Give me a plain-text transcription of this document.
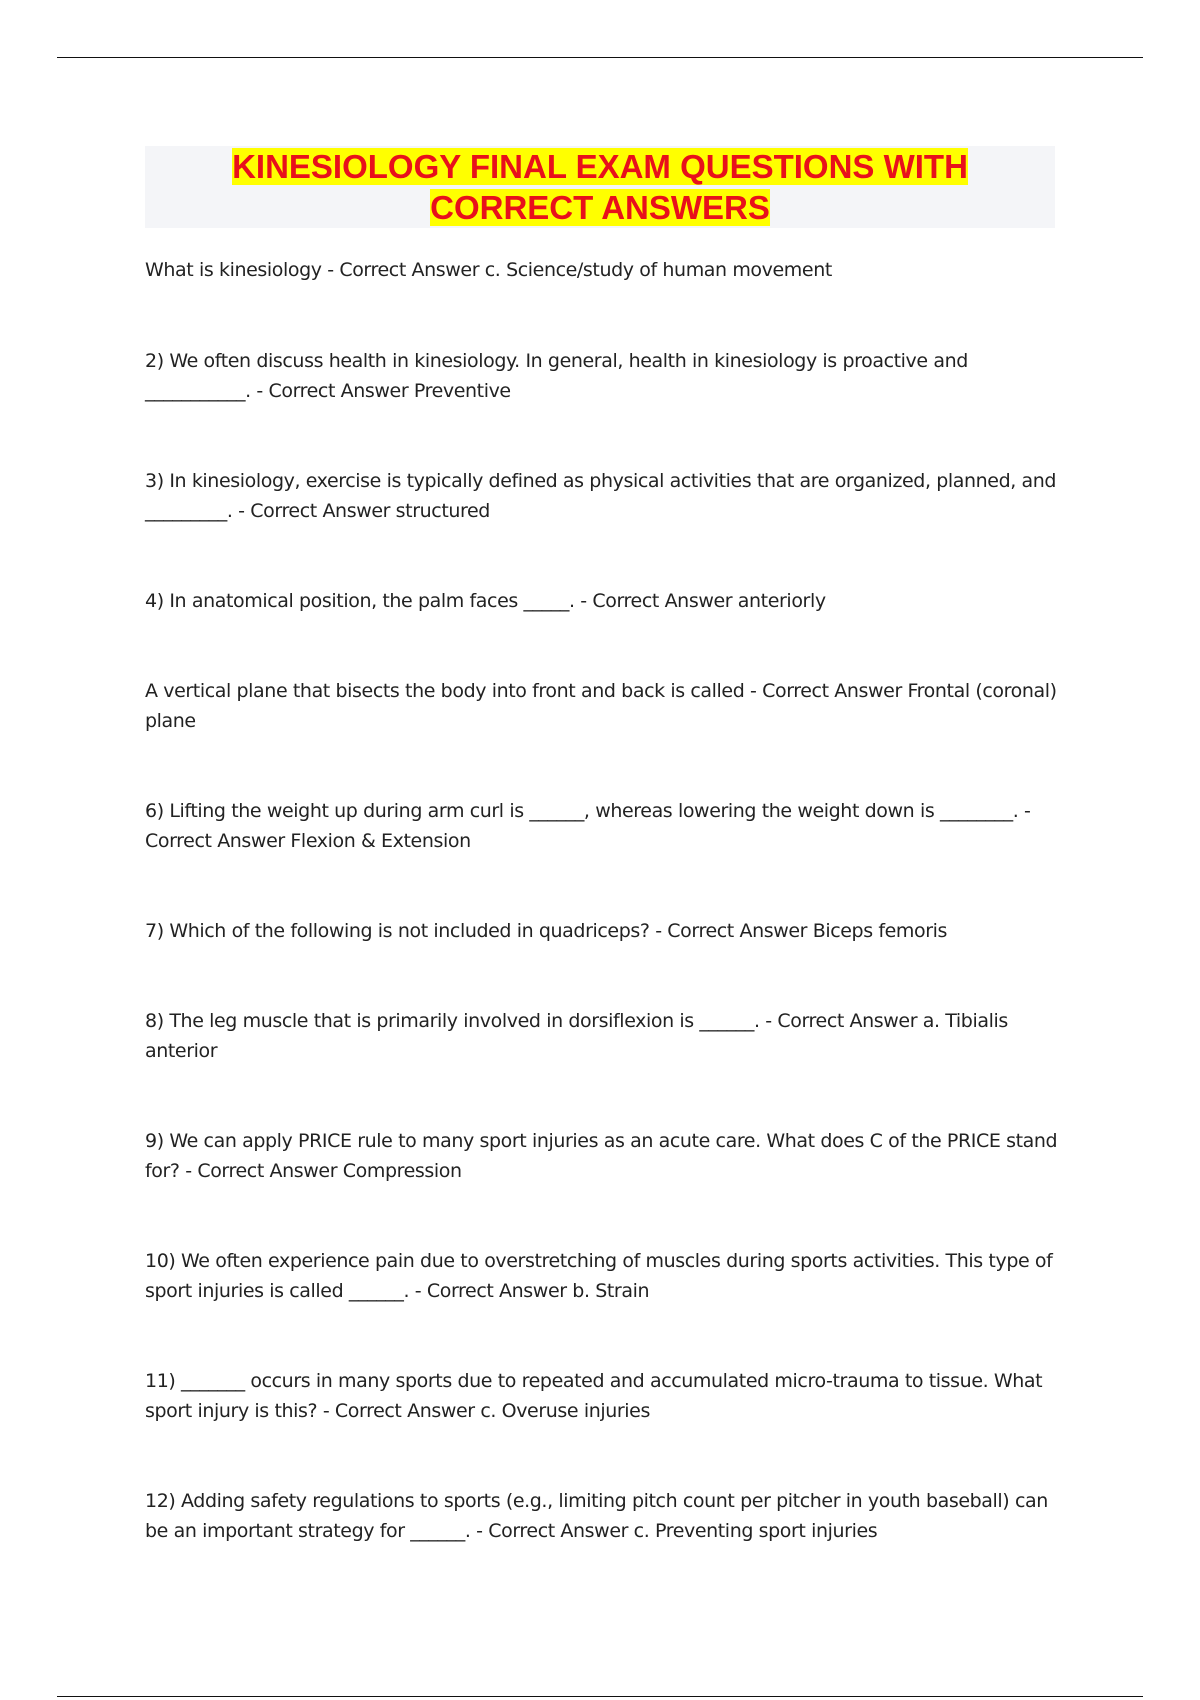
KINESIOLOGY FINAL EXAM QUESTIONS WITH
CORRECT ANSWERS
What is kinesiology - Correct Answer c. Science/study of human movement
2) We often discuss health in kinesiology. In general, health in kinesiology is proactive and ___________. - Correct Answer Preventive
3) In kinesiology, exercise is typically defined as physical activities that are organized, planned, and _________. - Correct Answer structured
4) In anatomical position, the palm faces _____. - Correct Answer anteriorly
A vertical plane that bisects the body into front and back is called - Correct Answer Frontal (coronal) plane
6) Lifting the weight up during arm curl is ______, whereas lowering the weight down is ________. - Correct Answer Flexion & Extension
7) Which of the following is not included in quadriceps? - Correct Answer Biceps femoris
8) The leg muscle that is primarily involved in dorsiflexion is ______. - Correct Answer a. Tibialis anterior
9) We can apply PRICE rule to many sport injuries as an acute care. What does C of the PRICE stand for? - Correct Answer Compression
10) We often experience pain due to overstretching of muscles during sports activities. This type of sport injuries is called ______. - Correct Answer b. Strain
11) _______ occurs in many sports due to repeated and accumulated micro-trauma to tissue. What sport injury is this? - Correct Answer c. Overuse injuries
12) Adding safety regulations to sports (e.g., limiting pitch count per pitcher in youth baseball) can be an important strategy for ______. - Correct Answer c. Preventing sport injuries
